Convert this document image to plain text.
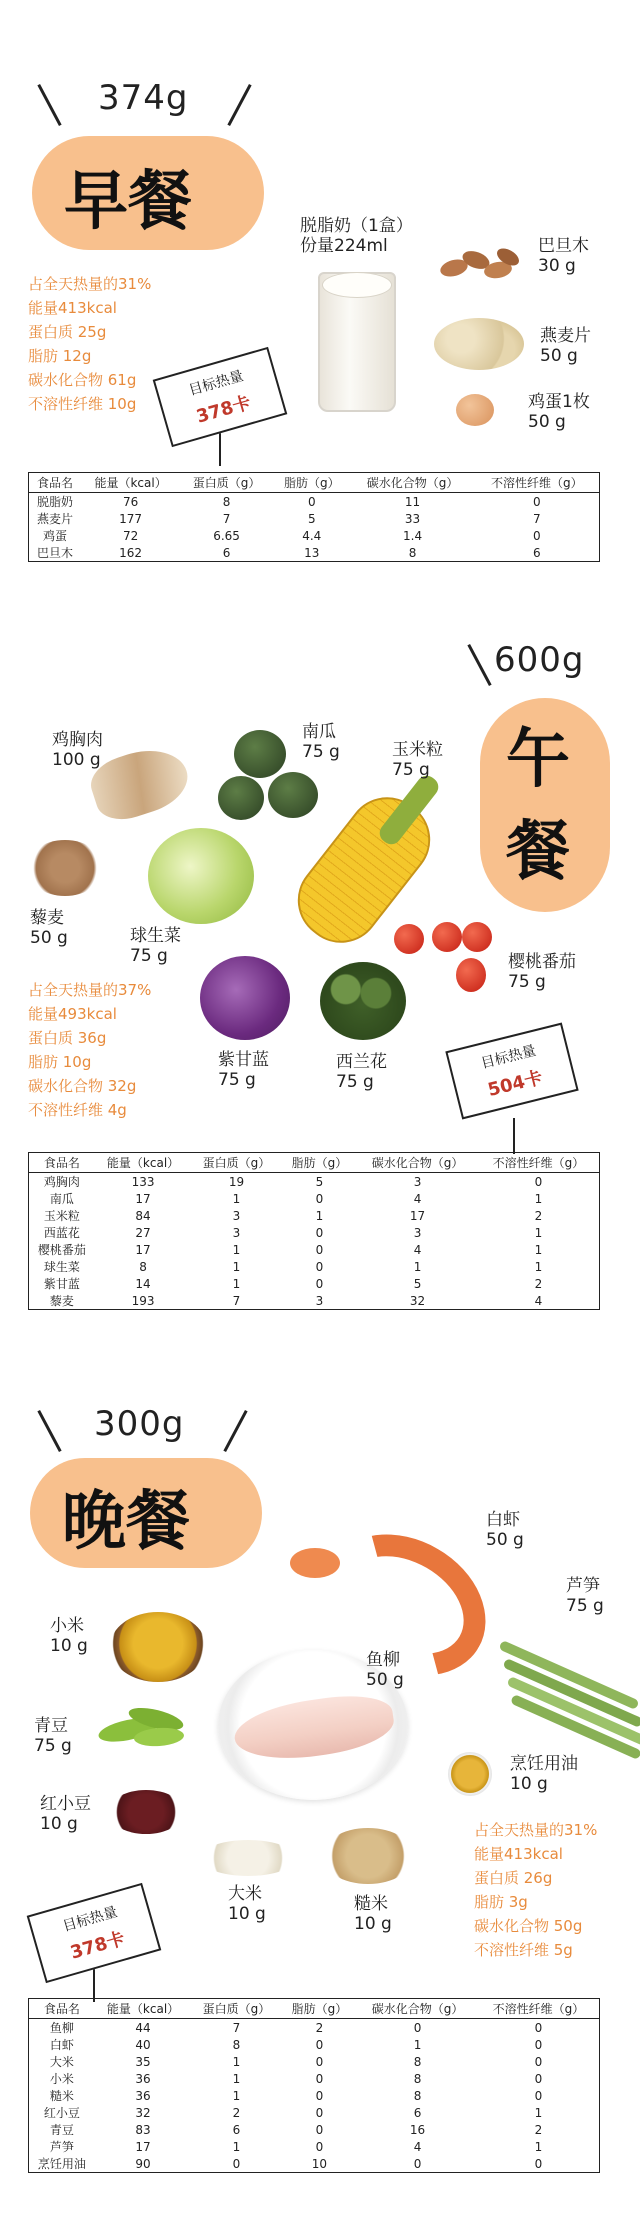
374g
早餐
占全天热量的31%
能量413kcal
蛋白质 25g
脂肪 12g
碳水化合物 61g
不溶性纤维 10g
脱脂奶（1盒）
份量224ml	巴旦木
30 g
燕麦片
50 g
鸡蛋1枚
50 g
目标热量
378卡
食品名	能量（kcal）	蛋白质（g）	脂肪（g）	碳水化合物（g）	不溶性纤维（g）
脱脂奶	76	8	0	11	0
燕麦片	177	7	5	33	7
鸡蛋	72	6.65	4.4	1.4	0
巴旦木	162	6	13	8	6
600g
午
餐
鸡胸肉
100 g
南瓜
75 g	玉米粒
75 g
藜麦
50 g	球生菜
75 g	樱桃番茄
75 g
紫甘蓝
75 g
西兰花
75 g
占全天热量的37%
能量493kcal
蛋白质 36g
脂肪 10g
碳水化合物 32g
不溶性纤维 4g
目标热量
504卡
食品名	能量（kcal）	蛋白质（g）	脂肪（g）	碳水化合物（g）	不溶性纤维（g）
鸡胸肉	133	19	5	3	0
南瓜	17	1	0	4	1
玉米粒	84	3	1	17	2
西蓝花	27	3	0	3	1
樱桃番茄	17	1	0	4	1
球生菜	8	1	0	1	1
紫甘蓝	14	1	0	5	2
藜麦	193	7	3	32	4
300g
晚餐	白虾
50 g
芦笋
75 g
小米
10 g
鱼柳
50 g
青豆
75 g
烹饪用油
10 g
红小豆
10 g
大米
10 g	糙米
10 g
占全天热量的31%
能量413kcal
蛋白质 26g
脂肪 3g
碳水化合物 50g
不溶性纤维 5g
目标热量
378卡
食品名	能量（kcal）	蛋白质（g）	脂肪（g）	碳水化合物（g）	不溶性纤维（g）
鱼柳	44	7	2	0	0
白虾	40	8	0	1	0
大米	35	1	0	8	0
小米	36	1	0	8	0
糙米	36	1	0	8	0
红小豆	32	2	0	6	1
青豆	83	6	0	16	2
芦笋	17	1	0	4	1
烹饪用油	90	0	10	0	0
